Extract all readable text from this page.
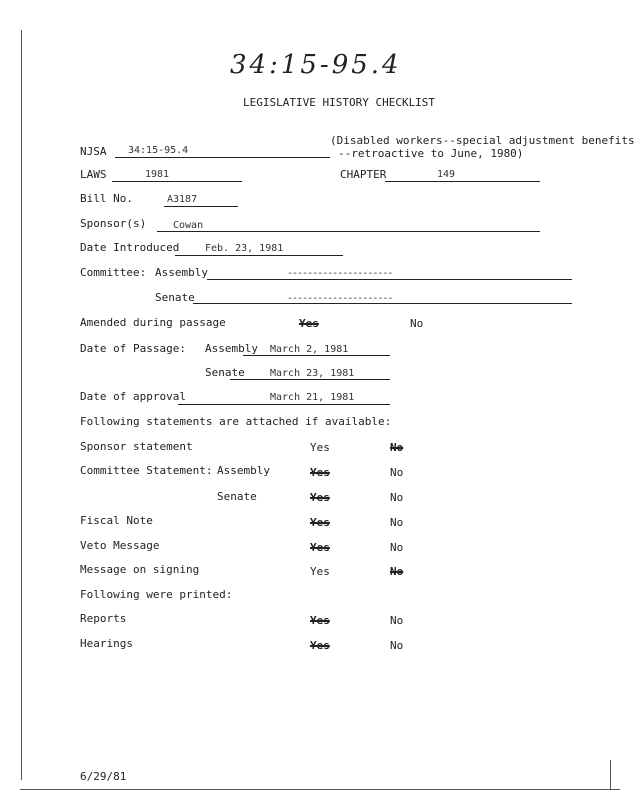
34:15-95.4
LEGISLATIVE HISTORY CHECKLIST
(Disabled workers--special adjustment benefits
--retroactive to June, 1980)
NJSA 34:15-95.4
LAWS	1981	CHAPTER	149
Bill No.	A3187
Sponsor(s)	Cowan
Date Introduced	Feb. 23, 1981
Committee: Assembly	---------------------
Senate	---------------------
Amended during passage	Yes	No
Date of Passage: Assembly March 2, 1981
Senate	March 23, 1981
Date of approval	March 21, 1981
Following statements are attached if available:
Sponsor statement	Yes	No
Committee Statement: Assembly	Yes	No
Senate	Yes	No
Fiscal Note	Yes	No
Veto Message	Yes	No
Message on signing	Yes	No
Following were printed:
Reports	Yes	No
Hearings	Yes	No
6/29/81
